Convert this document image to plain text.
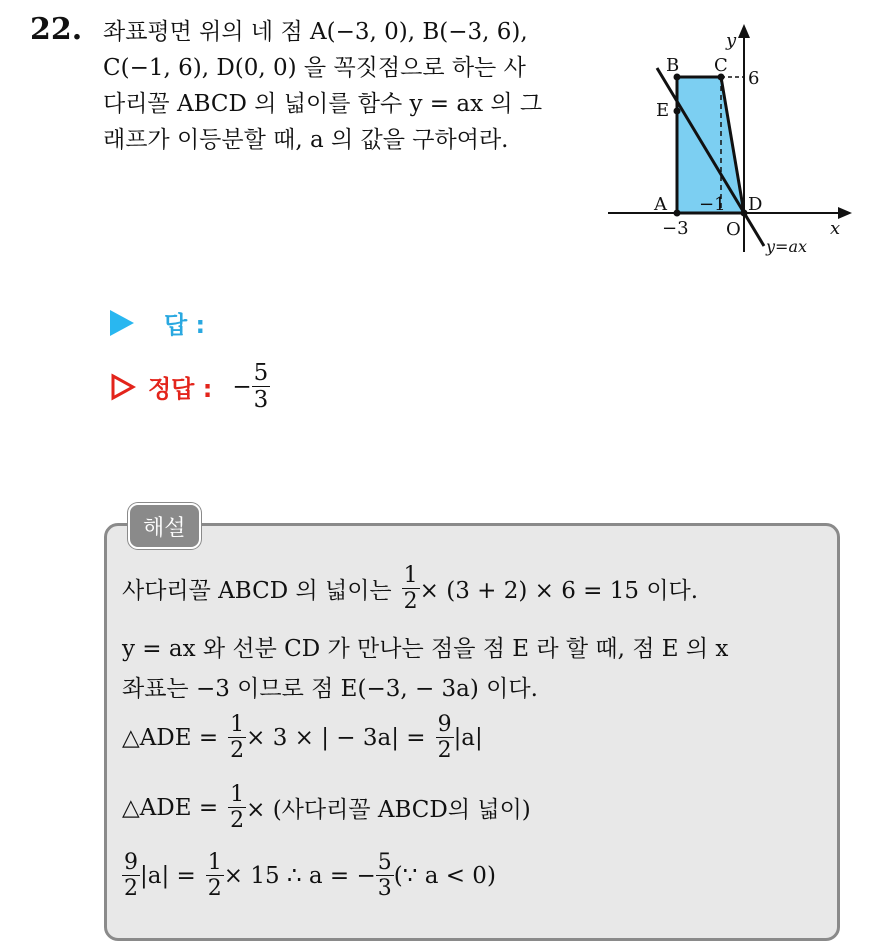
22. 좌표평면 위의 네 점 A(−3, 0), B(−3, 6),
C(−1, 6), D(0, 0) 을 꼭짓점으로 하는 사
다리꼴 ABCD 의 넓이를 함수 y = ax 의 그
래프가 이등분할 때, a 의 값을 구하여라.
B C
6
E
A −1 D
−3 O	x
y
y=ax
답 :
정답 : − $\frac{5}{3}$
해설
사다리꼴 ABCD 의 넓이는 $\frac{1}{2} \times (3 + 2) \times 6 = 15$ 이다.
y = ax 와 선분 CD 가 만나는 점을 점 E 라 할 때, 점 E 의 x
좌표는 −3 이므로 점 E(−3, − 3a) 이다.
△ADE = $\frac{1}{2} \times 3$ × | − $3a| = \frac{9}{2} |a|$
△ADE = $\frac{1}{2}$ × (사다리꼴 ABCD의 넓이)
$\frac{9}{2} |a| = \frac{1}{2} \times 15$ ∴ a = − $\frac{5}{3}$ (∵ a < 0)
